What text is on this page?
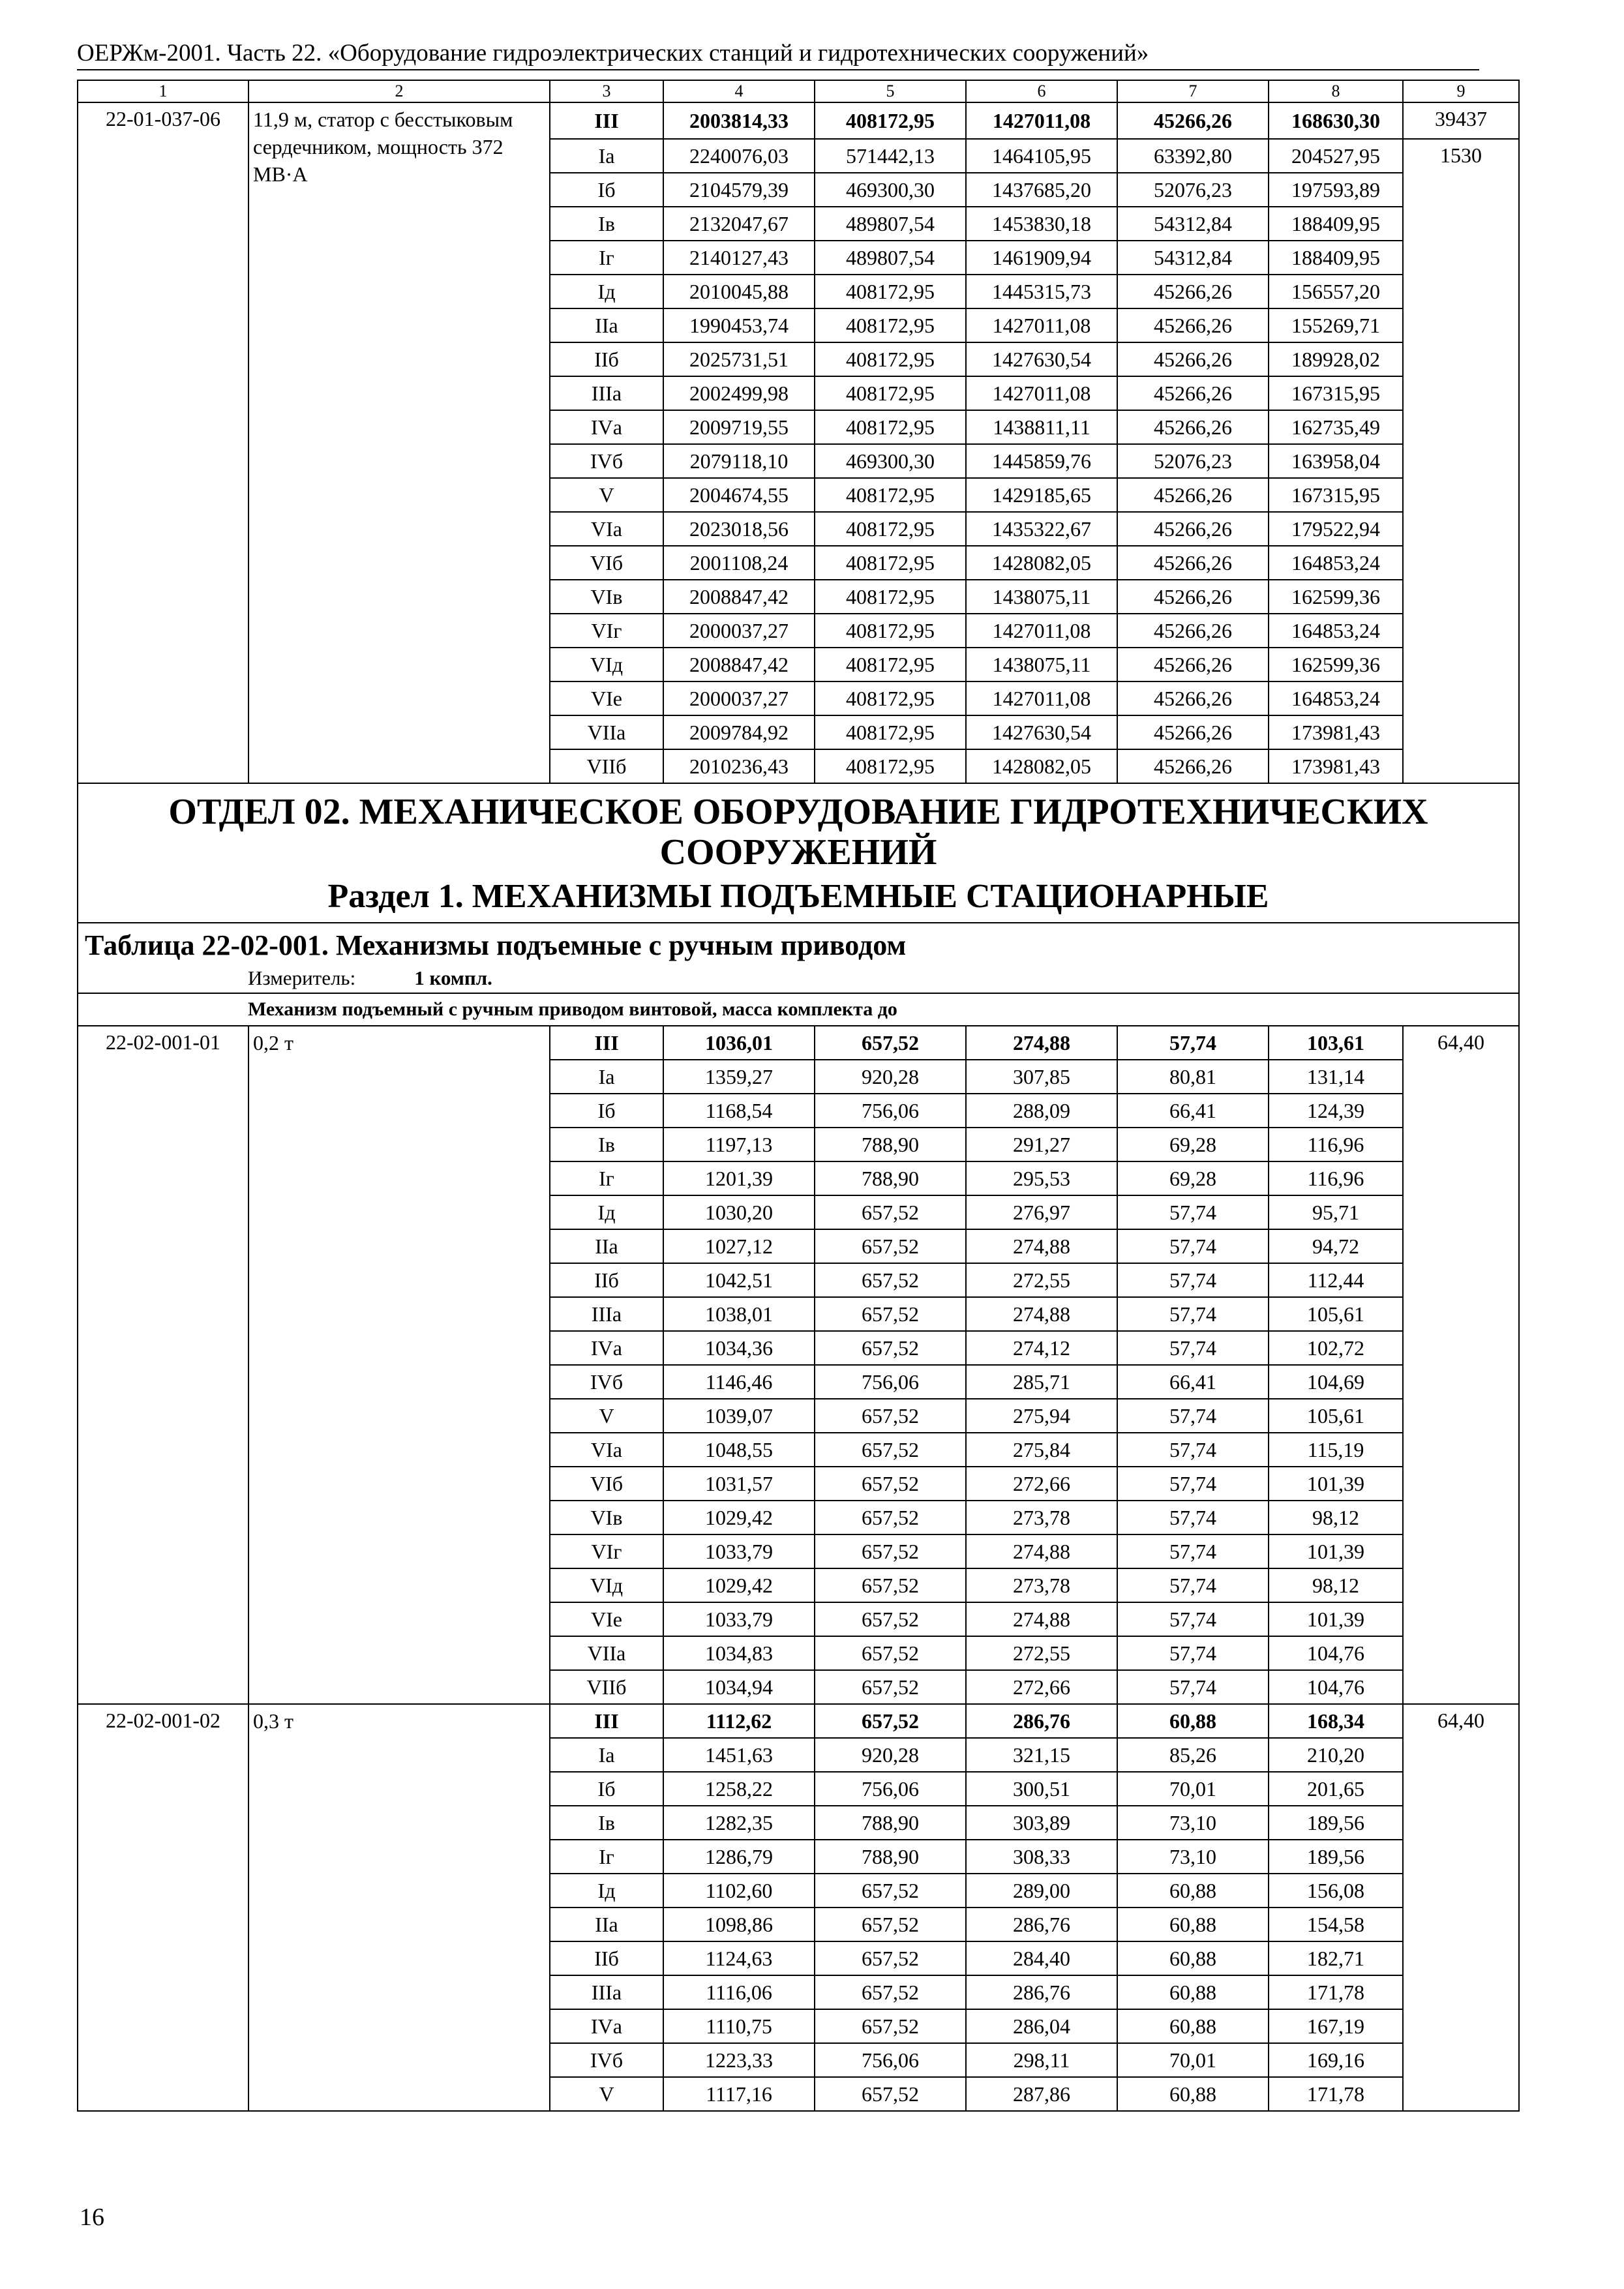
ОЕРЖм-2001. Часть 22. «Оборудование гидроэлектрических станций и гидротехнических сооружений»
1	2	3	4	5	6	7	8	9
22-01-037-06	11,9 м, статор с бесстыковым сердечником, мощность 372 МВ·А	III	2003814,33	408172,95	1427011,08	45266,26	168630,30	39437
		Iа	2240076,03	571442,13	1464105,95	63392,80	204527,95	1530
		Iб	2104579,39	469300,30	1437685,20	52076,23	197593,89	
		Iв	2132047,67	489807,54	1453830,18	54312,84	188409,95	
		Iг	2140127,43	489807,54	1461909,94	54312,84	188409,95	
		Iд	2010045,88	408172,95	1445315,73	45266,26	156557,20	
		IIа	1990453,74	408172,95	1427011,08	45266,26	155269,71	
		IIб	2025731,51	408172,95	1427630,54	45266,26	189928,02	
		IIIа	2002499,98	408172,95	1427011,08	45266,26	167315,95	
		IVа	2009719,55	408172,95	1438811,11	45266,26	162735,49	
		IVб	2079118,10	469300,30	1445859,76	52076,23	163958,04	
		V	2004674,55	408172,95	1429185,65	45266,26	167315,95	
		VIа	2023018,56	408172,95	1435322,67	45266,26	179522,94	
		VIб	2001108,24	408172,95	1428082,05	45266,26	164853,24	
		VIв	2008847,42	408172,95	1438075,11	45266,26	162599,36	
		VIг	2000037,27	408172,95	1427011,08	45266,26	164853,24	
		VIд	2008847,42	408172,95	1438075,11	45266,26	162599,36	
		VIе	2000037,27	408172,95	1427011,08	45266,26	164853,24	
		VIIа	2009784,92	408172,95	1427630,54	45266,26	173981,43	
		VIIб	2010236,43	408172,95	1428082,05	45266,26	173981,43	
ОТДЕЛ 02. МЕХАНИЧЕСКОЕ ОБОРУДОВАНИЕ ГИДРОТЕХНИЧЕСКИХ СООРУЖЕНИЙ
Раздел 1. МЕХАНИЗМЫ ПОДЪЕМНЫЕ СТАЦИОНАРНЫЕ								

Таблица 22-02-001. Механизмы подъемные с ручным приводом								
Измеритель: 1 компл.								
Механизм подъемный с ручным приводом винтовой, масса комплекта до								
22-02-001-01	0,2 т	III	1036,01	657,52	274,88	57,74	103,61	64,40
		Iа	1359,27	920,28	307,85	80,81	131,14	
		Iб	1168,54	756,06	288,09	66,41	124,39	
		Iв	1197,13	788,90	291,27	69,28	116,96	
		Iг	1201,39	788,90	295,53	69,28	116,96	
		Iд	1030,20	657,52	276,97	57,74	95,71	
		IIа	1027,12	657,52	274,88	57,74	94,72	
		IIб	1042,51	657,52	272,55	57,74	112,44	
		IIIа	1038,01	657,52	274,88	57,74	105,61	
		IVа	1034,36	657,52	274,12	57,74	102,72	
		IVб	1146,46	756,06	285,71	66,41	104,69	
		V	1039,07	657,52	275,94	57,74	105,61	
		VIа	1048,55	657,52	275,84	57,74	115,19	
		VIб	1031,57	657,52	272,66	57,74	101,39	
		VIв	1029,42	657,52	273,78	57,74	98,12	
		VIг	1033,79	657,52	274,88	57,74	101,39	
		VIд	1029,42	657,52	273,78	57,74	98,12	
		VIе	1033,79	657,52	274,88	57,74	101,39	
		VIIа	1034,83	657,52	272,55	57,74	104,76	
		VIIб	1034,94	657,52	272,66	57,74	104,76	
22-02-001-02	0,3 т	III	1112,62	657,52	286,76	60,88	168,34	64,40
		Iа	1451,63	920,28	321,15	85,26	210,20	
		Iб	1258,22	756,06	300,51	70,01	201,65	
		Iв	1282,35	788,90	303,89	73,10	189,56	
		Iг	1286,79	788,90	308,33	73,10	189,56	
		Iд	1102,60	657,52	289,00	60,88	156,08	
		IIа	1098,86	657,52	286,76	60,88	154,58	
		IIб	1124,63	657,52	284,40	60,88	182,71	
		IIIа	1116,06	657,52	286,76	60,88	171,78	
		IVа	1110,75	657,52	286,04	60,88	167,19	
		IVб	1223,33	756,06	298,11	70,01	169,16	
		V	1117,16	657,52	287,86	60,88	171,78	
16
